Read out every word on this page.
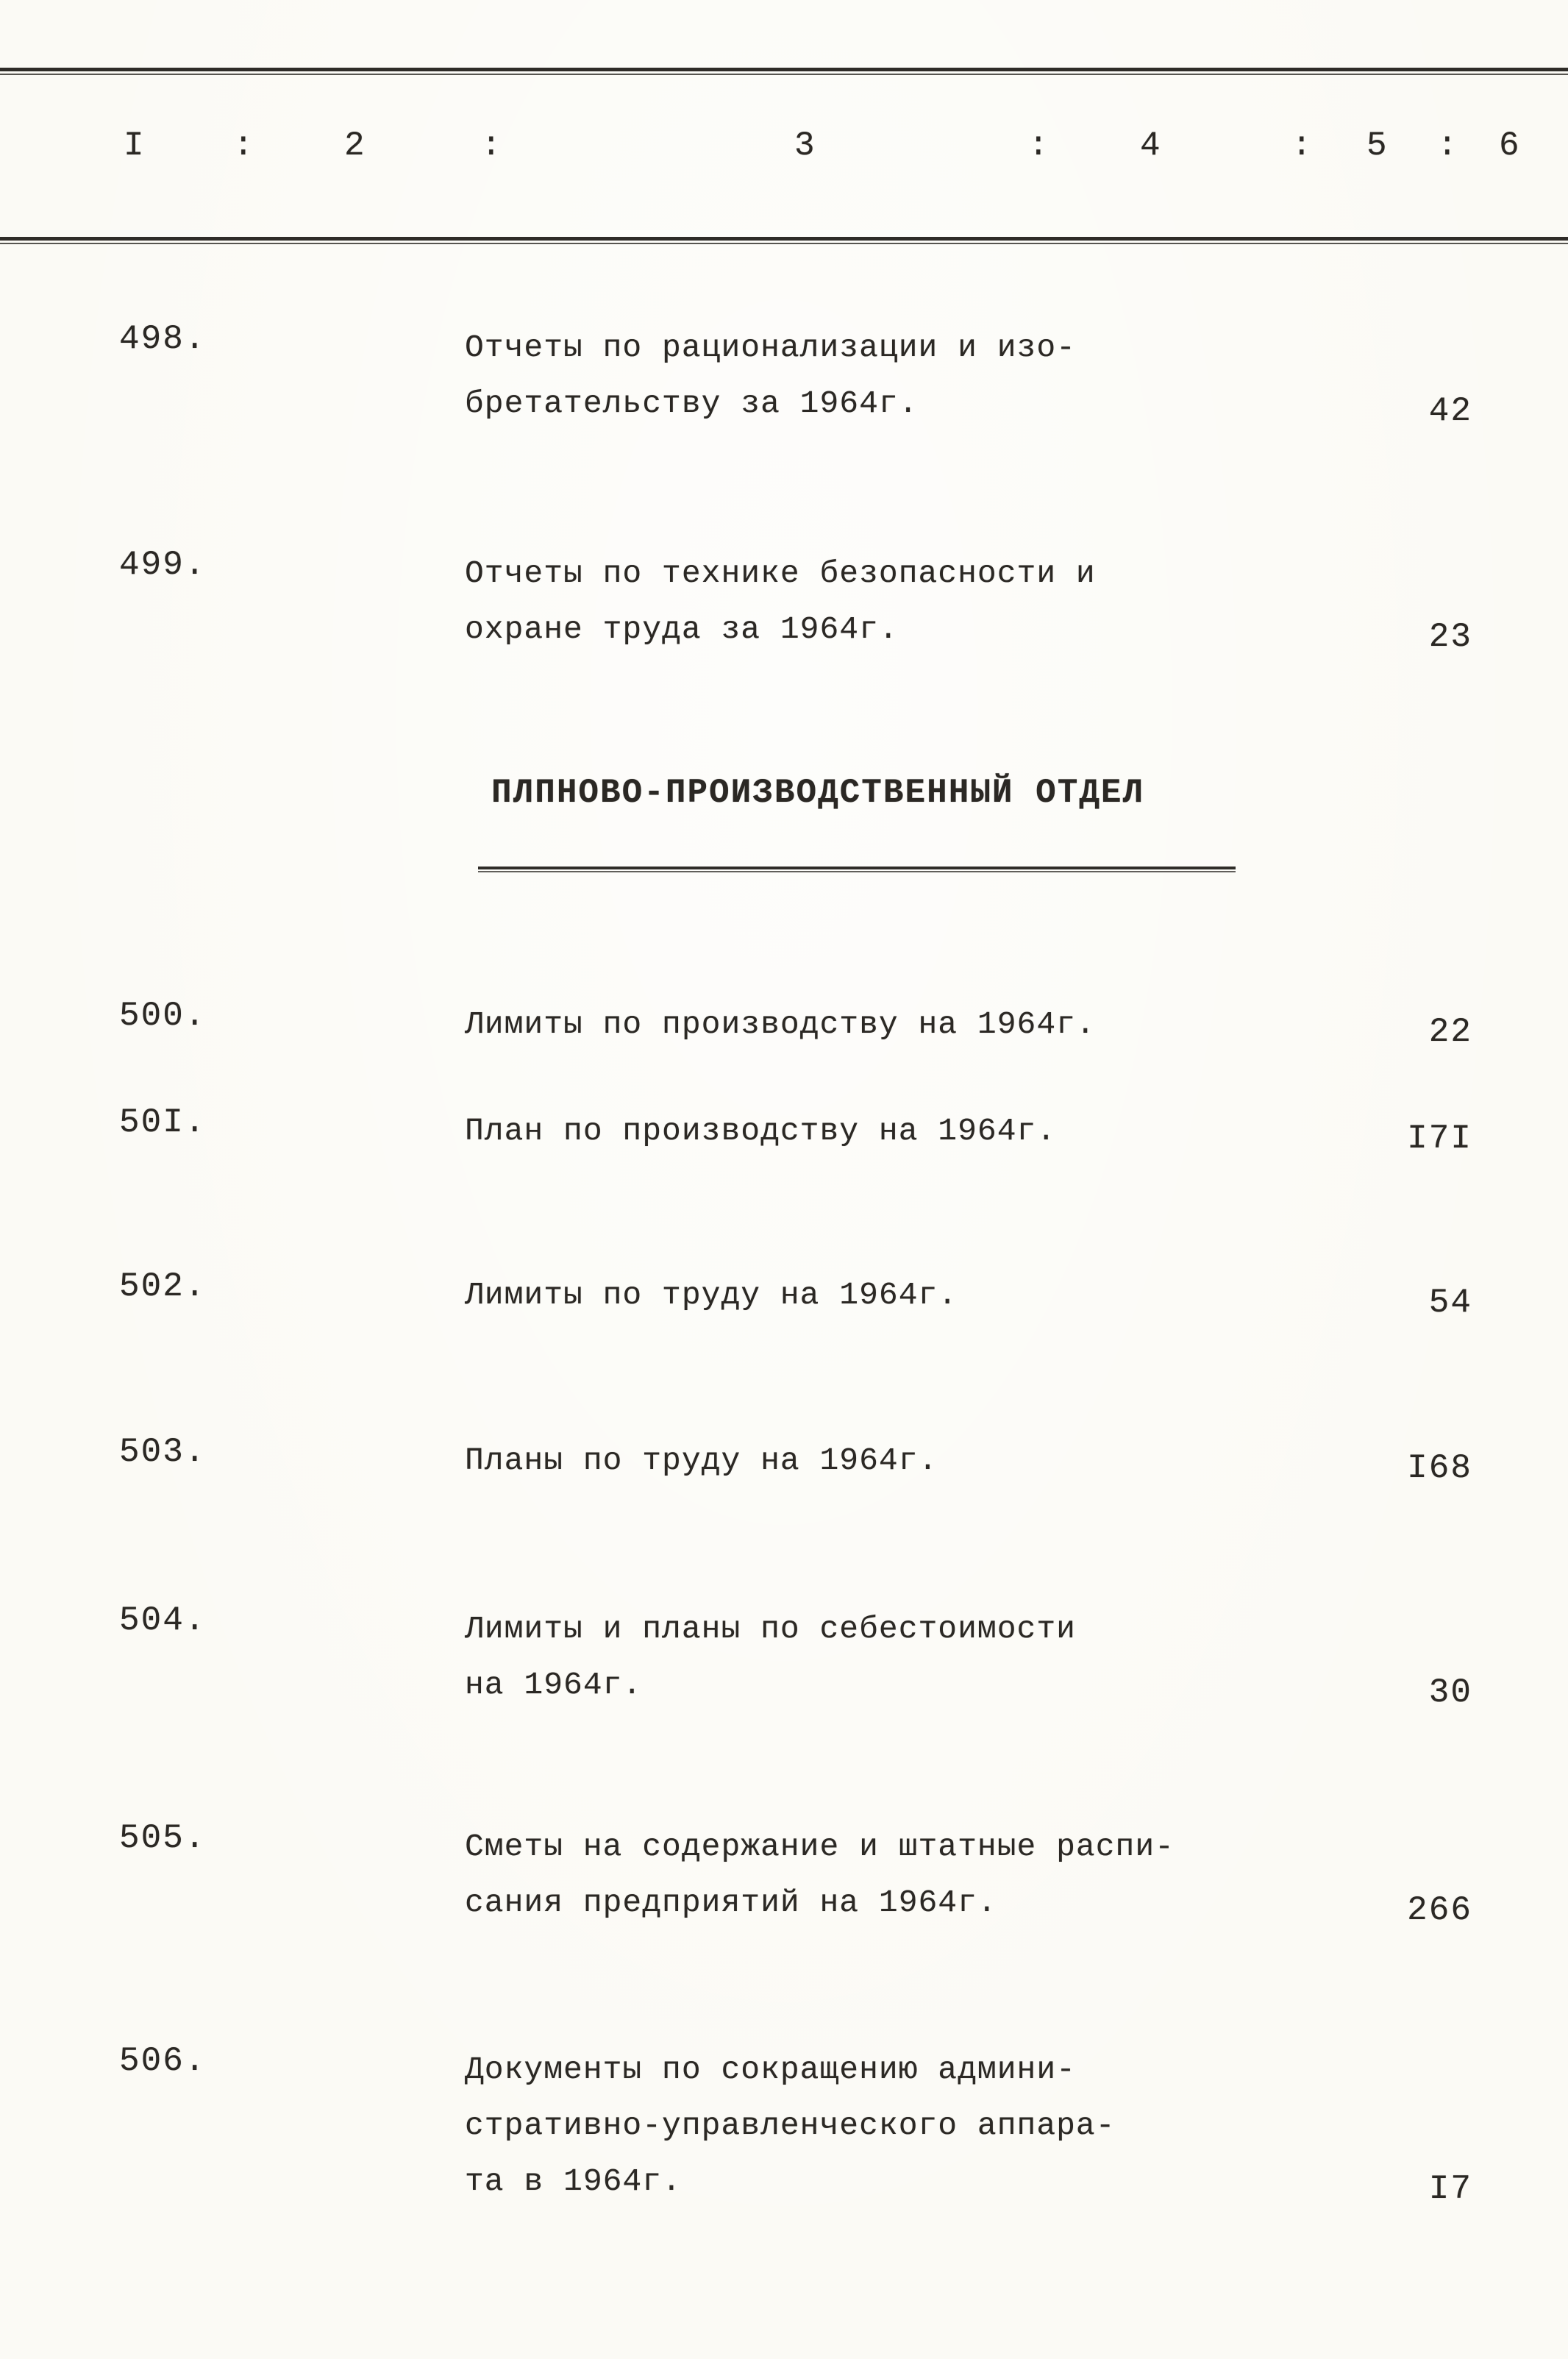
I	:	2	:	3	:	4	: 5 : 6
498.	Отчеты по рационализации и изо-
бретательству за 1964г.	42
499.	Отчеты по технике безопасности и
охране труда за 1964г.	23
ПЛПНОВО-ПРОИЗВОДСТВЕННЫЙ ОТДЕЛ
500.	Лимиты по производству на 1964г.	22
50I.	План по производству на 1964г.	I7I
502.	Лимиты по труду на 1964г.	54
503.	Планы по труду на 1964г.	I68
504.	Лимиты и планы по себестоимости
на 1964г.	30
505.	Сметы на содержание и штатные распи-
сания предприятий на 1964г.	266
506.	Документы по сокращению админи-
стративно-управленческого аппара-
та в 1964г.	I7
